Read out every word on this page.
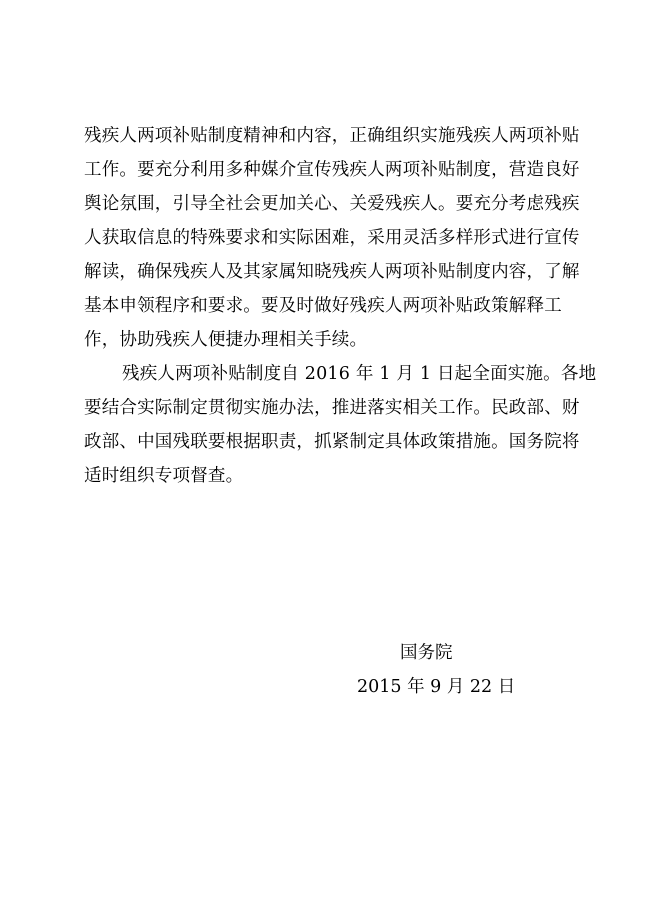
残疾人两项补贴制度精神和内容，正确组织实施残疾人两项补贴
工作。要充分利用多种媒介宣传残疾人两项补贴制度，营造良好
舆论氛围，引导全社会更加关心、关爱残疾人。要充分考虑残疾
人获取信息的特殊要求和实际困难，采用灵活多样形式进行宣传
解读，确保残疾人及其家属知晓残疾人两项补贴制度内容，了解
基本申领程序和要求。要及时做好残疾人两项补贴政策解释工
作，协助残疾人便捷办理相关手续。
残疾人两项补贴制度自 2016 年 1 月 1 日起全面实施。各地
要结合实际制定贯彻实施办法，推进落实相关工作。民政部、财
政部、中国残联要根据职责，抓紧制定具体政策措施。国务院将
适时组织专项督查。
国务院
2015 年 9 月 22 日
